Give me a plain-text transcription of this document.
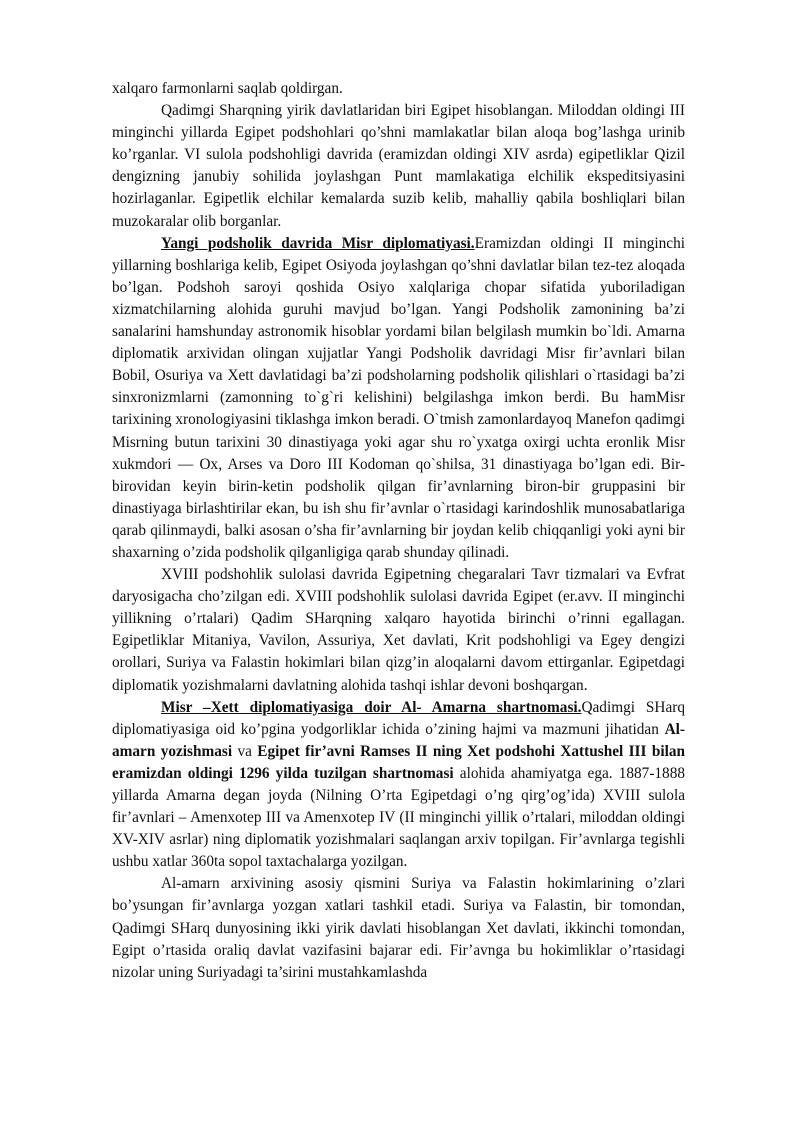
xalqaro farmonlarni saqlab qoldirgan.

Qadimgi Sharqning yirik davlatlaridan biri Egipet hisoblangan. Miloddan oldingi III minginchi yillarda Egipet podshohlari qo’shni mamlakatlar bilan aloqa bog’lashga urinib ko’rganlar. VI sulola podshohligi davrida (eramizdan oldingi XIV asrda) egipetliklar Qizil dengizning janubiy sohilida joylashgan Punt mamlakatiga elchilik ekspeditsiyasini hozirlaganlar. Egipetlik elchilar kemalarda suzib kelib, mahalliy qabila boshliqlari bilan muzokaralar olib borganlar.

Yangi podsholik davrida Misr diplomatiyasi.Eramizdan oldingi II minginchi yillarning boshlariga kelib, Egipet Osiyoda joylashgan qo’shni davlatlar bilan tez-tez aloqada bo’lgan. Podshoh saroyi qoshida Osiyo xalqlariga chopar sifatida yuboriladigan xizmatchilarning alohida guruhi mavjud bo’lgan. Yangi Podsholik zamonining ba’zi sanalarini hamshunday astronomik hisoblar yordami bilan belgilash mumkin bo`ldi. Amarna diplomatik arxividan olingan xujjatlar Yangi Podsholik davridagi Misr fir’avnlari bilan Bobil, Osuriya va Xett davlatidagi ba’zi podsholarning podsholik qilishlari o`rtasidagi ba’zi sinxronizmlarni (zamonning to`g`ri kelishini) belgilashga imkon berdi. Bu hamMisr tarixining xronologiyasini tiklashga imkon beradi. O`tmish zamonlardayoq Manefon qadimgi Misrning butun tarixini 30 dinastiyaga yoki agar shu ro`yxatga oxirgi uchta eronlik Misr xukmdori — Ox, Arses va Doro III Kodoman qo`shilsa, 31 dinastiyaga bo’lgan edi. Bir- birovidan keyin birin-ketin podsholik qilgan fir’avnlarning biron-bir gruppasini bir dinastiyaga birlashtirilar ekan, bu ish shu fir’avnlar o`rtasidagi karindoshlik munosabatlariga qarab qilinmaydi, balki asosan o’sha fir’avnlarning bir joydan kelib chiqqanligi yoki ayni bir shaxarning o’zida podsholik qilganligiga qarab shunday qilinadi.

XVIII podshohlik sulolasi davrida Egipetning chegaralari Tavr tizmalari va Evfrat daryosigacha cho’zilgan edi. XVIII podshohlik sulolasi davrida Egipet (er.avv. II minginchi yillikning o’rtalari) Qadim SHarqning xalqaro hayotida birinchi o’rinni egallagan. Egipetliklar Mitaniya, Vavilon, Assuriya, Xet davlati, Krit podshohligi va Egey dengizi orollari, Suriya va Falastin hokimlari bilan qizg’in aloqalarni davom ettirganlar. Egipetdagi diplomatik yozishmalarni davlatning alohida tashqi ishlar devoni boshqargan.

Misr –Xett diplomatiyasiga doir Al- Amarna shartnomasi.Qadimgi SHarq diplomatiyasiga oid ko’pgina yodgorliklar ichida o’zining hajmi va mazmuni jihatidan Al-amarn yozishmasi va Egipet fir’avni Ramses II ning Xet podshohi Xattushel III bilan eramizdan oldingi 1296 yilda tuzilgan shartnomasi alohida ahamiyatga ega. 1887-1888 yillarda Amarna degan joyda (Nilning O’rta Egipetdagi o’ng qirg’og’ida) XVIII sulola fir’avnlari – Amenxotep III va Amenxotep IV (II minginchi yillik o’rtalari, miloddan oldingi XV-XIV asrlar) ning diplomatik yozishmalari saqlangan arxiv topilgan. Fir’avnlarga tegishli ushbu xatlar 360ta sopol taxtachalarga yozilgan.

Al-amarn arxivining asosiy qismini Suriya va Falastin hokimlarining o’zlari bo’ysungan fir’avnlarga yozgan xatlari tashkil etadi. Suriya va Falastin, bir tomondan, Qadimgi SHarq dunyosining ikki yirik davlati hisoblangan Xet davlati, ikkinchi tomondan, Egipt o’rtasida oraliq davlat vazifasini bajarar edi. Fir’avnga bu hokimliklar o’rtasidagi nizolar uning Suriyadagi ta’sirini mustahkamlashda
